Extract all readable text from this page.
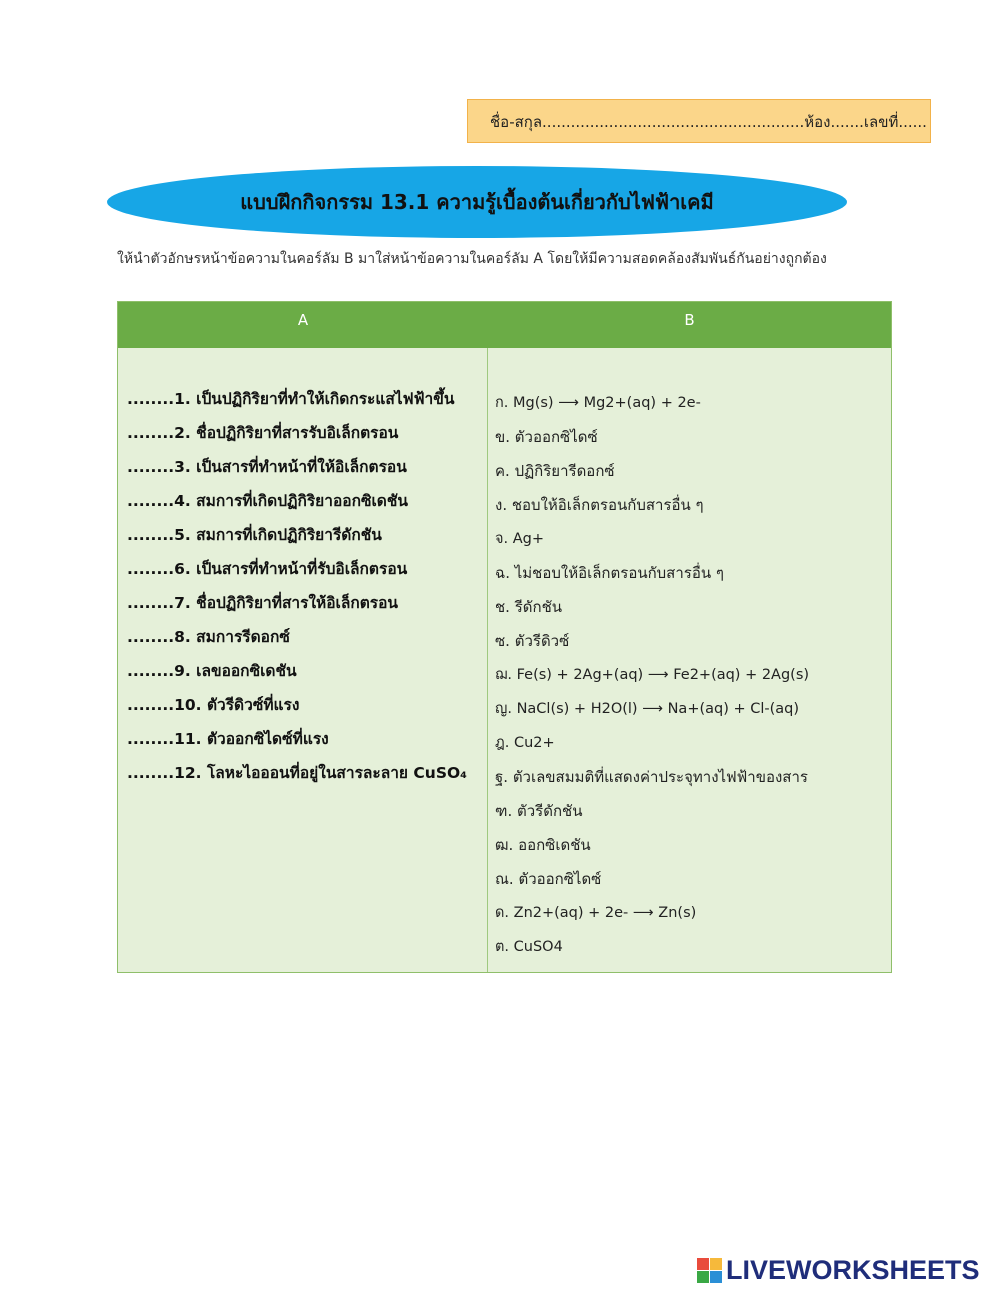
ชื่อ-สกุล.......................................................ห้อง.......เลขที่......
แบบฝึกกิจกรรม 13.1 ความรู้เบื้องต้นเกี่ยวกับไฟฟ้าเคมี
ให้นำตัวอักษรหน้าข้อความในคอร์ลัม B มาใส่หน้าข้อความในคอร์ลัม A โดยให้มีความสอดคล้องสัมพันธ์กันอย่างถูกต้อง
A	B
........1. เป็นปฏิกิริยาที่ทำให้เกิดกระแสไฟฟ้าขึ้น
........2. ชื่อปฏิกิริยาที่สารรับอิเล็กตรอน
........3. เป็นสารที่ทำหน้าที่ให้อิเล็กตรอน
........4. สมการที่เกิดปฏิกิริยาออกซิเดชัน
........5. สมการที่เกิดปฏิกิริยารีดักชัน
........6. เป็นสารที่ทำหน้าที่รับอิเล็กตรอน
........7. ชื่อปฏิกิริยาที่สารให้อิเล็กตรอน
........8. สมการรีดอกซ์
........9. เลขออกซิเดชัน
........10. ตัวรีดิวซ์ที่แรง
........11. ตัวออกซิไดซ์ที่แรง
........12. โลหะไอออนที่อยู่ในสารละลาย CuSO₄
ก. Mg(s) ⟶ Mg2+(aq) + 2e-
ข. ตัวออกซิไดซ์
ค. ปฏิกิริยารีดอกซ์
ง. ชอบให้อิเล็กตรอนกับสารอื่น ๆ
จ. Ag+
ฉ. ไม่ชอบให้อิเล็กตรอนกับสารอื่น ๆ
ช. รีดักชัน
ซ. ตัวรีดิวซ์
ฌ. Fe(s) + 2Ag+(aq) ⟶ Fe2+(aq) + 2Ag(s)
ญ. NaCl(s) + H2O(l) ⟶ Na+(aq) + Cl-(aq)
ฎ. Cu2+
ฐ. ตัวเลขสมมติที่แสดงค่าประจุทางไฟฟ้าของสาร
ฑ. ตัวรีดักชัน
ฒ. ออกซิเดชัน
ณ. ตัวออกซิไดซ์
ด. Zn2+(aq) + 2e- ⟶ Zn(s)
ต. CuSO4
LIVEWORKSHEETS
